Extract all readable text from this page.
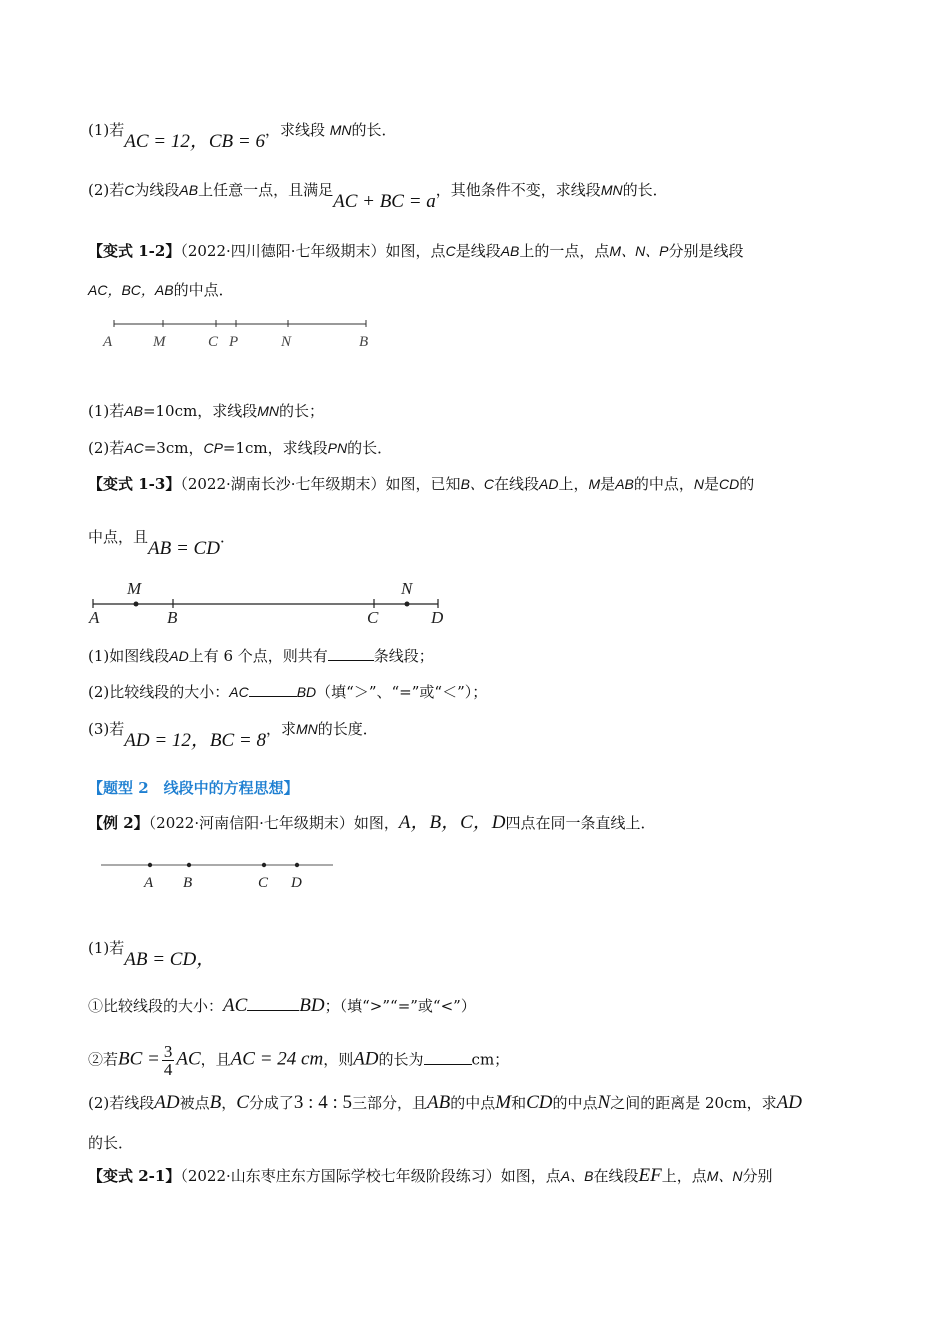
(1)若AC = 12，CB = 6，求线段 MN的长．
(2)若C为线段AB上任意一点，且满足AC + BC = a，其他条件不变，求线段MN的长．
【变式 1-2】（2022·四川德阳·七年级期末）如图，点C是线段AB上的一点，点M、N、P分别是线段
AC，BC，AB的中点．
A	M	C P	N	B
(1)若AB=10cm，求线段MN的长；
(2)若AC=3cm，CP=1cm，求线段PN的长．
【变式 1-3】（2022·湖南长沙·七年级期末）如图，已知B、C在线段AD上，M是AB的中点，N是CD的
中点，且AB = CD．
A
M
B	C
N
D
(1)如图线段AD上有 6 个点，则共有	条线段；
(2)比较线段的大小：AC	BD（填“＞”、“=”或“＜”）；
(3)若AD = 12，BC = 8，求MN的长度．
【题型 2　线段中的方程思想】
【例 2】（2022·河南信阳·七年级期末）如图，A，B，C，D四点在同一条直线上．
A B	C D
(1)若AB = CD，
①比较线段的大小：AC	BD；（填“>”“=”或“<”）
②若BC = $\frac{3}{4}$ AC，且AC = 24 cm，则AD的长为	cm；
(2)若线段AD被点B，C分成了3 : 4 : 5三部分，且AB的中点M和CD的中点N之间的距离是 20cm，求AD
的长．
【变式 2-1】（2022·山东枣庄东方国际学校七年级阶段练习）如图，点A、B在线段EF上，点M、N分别
